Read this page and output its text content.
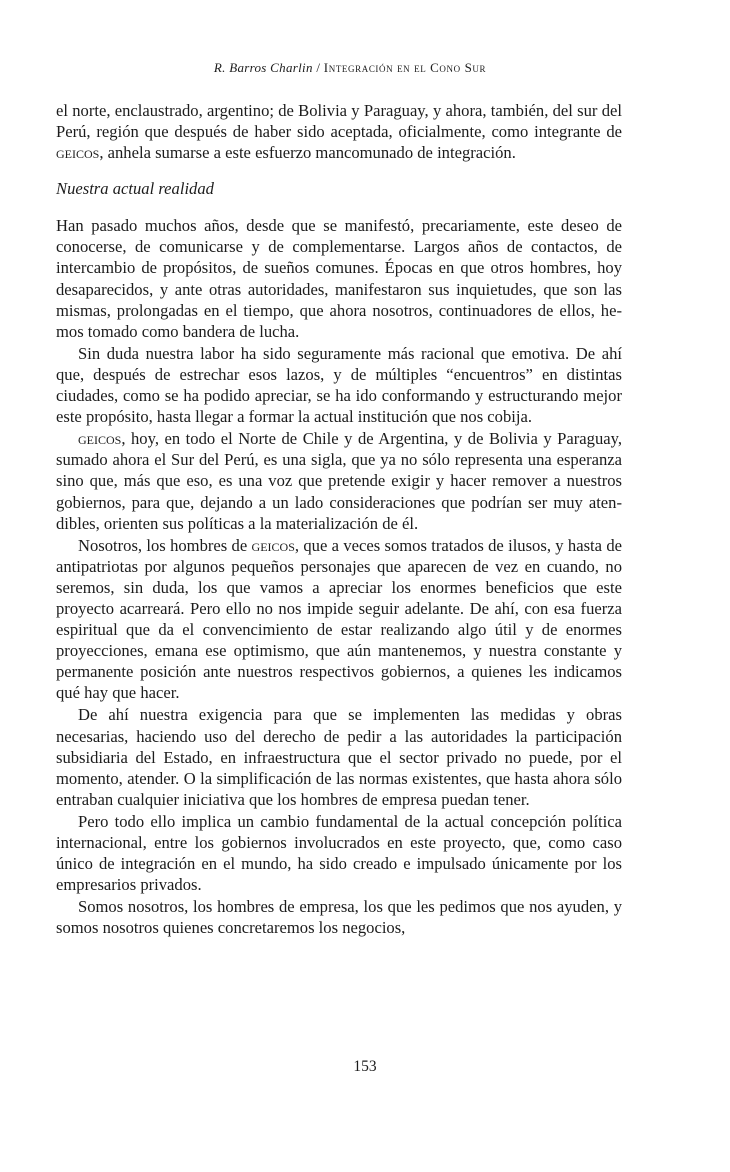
R. Barros Charlin / Integración en el Cono Sur

el norte, enclaustrado, argentino; de Bolivia y Paraguay, y ahora, también, del sur del Perú, región que después de haber sido aceptada, oficialmente, como integrante de geicos, anhela sumarse a este esfuerzo mancomunado de integración.

Nuestra actual realidad

Han pasado muchos años, desde que se manifestó, precariamente, este deseo de conocerse, de comunicarse y de complementarse. Largos años de contactos, de intercambio de propósitos, de sueños comunes. Épocas en que otros hombres, hoy desaparecidos, y ante otras autoridades, manifestaron sus inquietudes, que son las mismas, prolongadas en el tiempo, que ahora nosotros, continuadores de ellos, hemos tomado como bandera de lucha.

Sin duda nuestra labor ha sido seguramente más racional que emotiva. De ahí que, después de estrechar esos lazos, y de múltiples “encuentros” en distintas ciudades, como se ha podido apreciar, se ha ido conformando y estructurando mejor este propósito, hasta llegar a formar la actual institución que nos cobija.

geicos, hoy, en todo el Norte de Chile y de Argentina, y de Bolivia y Paraguay, sumado ahora el Sur del Perú, es una sigla, que ya no sólo representa una esperanza sino que, más que eso, es una voz que pretende exigir y hacer remover a nuestros gobiernos, para que, dejando a un lado consideraciones que podrían ser muy atendibles, orienten sus políticas a la materialización de él.

Nosotros, los hombres de geicos, que a veces somos tratados de ilusos, y hasta de antipatriotas por algunos pequeños personajes que aparecen de vez en cuando, no seremos, sin duda, los que vamos a apreciar los enormes beneficios que este proyecto acarreará. Pero ello no nos impide seguir adelante. De ahí, con esa fuerza espiritual que da el convencimiento de estar realizando algo útil y de enormes proyecciones, emana ese optimismo, que aún mantenemos, y nuestra constante y permanente posición ante nuestros respectivos gobiernos, a quienes les indicamos qué hay que hacer.

De ahí nuestra exigencia para que se implementen las medidas y obras necesarias, haciendo uso del derecho de pedir a las autoridades la participación subsidiaria del Estado, en infraestructura que el sector privado no puede, por el momento, atender. O la simplificación de las normas existentes, que hasta ahora sólo entraban cualquier iniciativa que los hombres de empresa puedan tener.

Pero todo ello implica un cambio fundamental de la actual concepción política internacional, entre los gobiernos involucrados en este proyecto, que, como caso único de integración en el mundo, ha sido creado e impulsado únicamente por los empresarios privados.

Somos nosotros, los hombres de empresa, los que les pedimos que nos ayuden, y somos nosotros quienes concretaremos los negocios,

153
